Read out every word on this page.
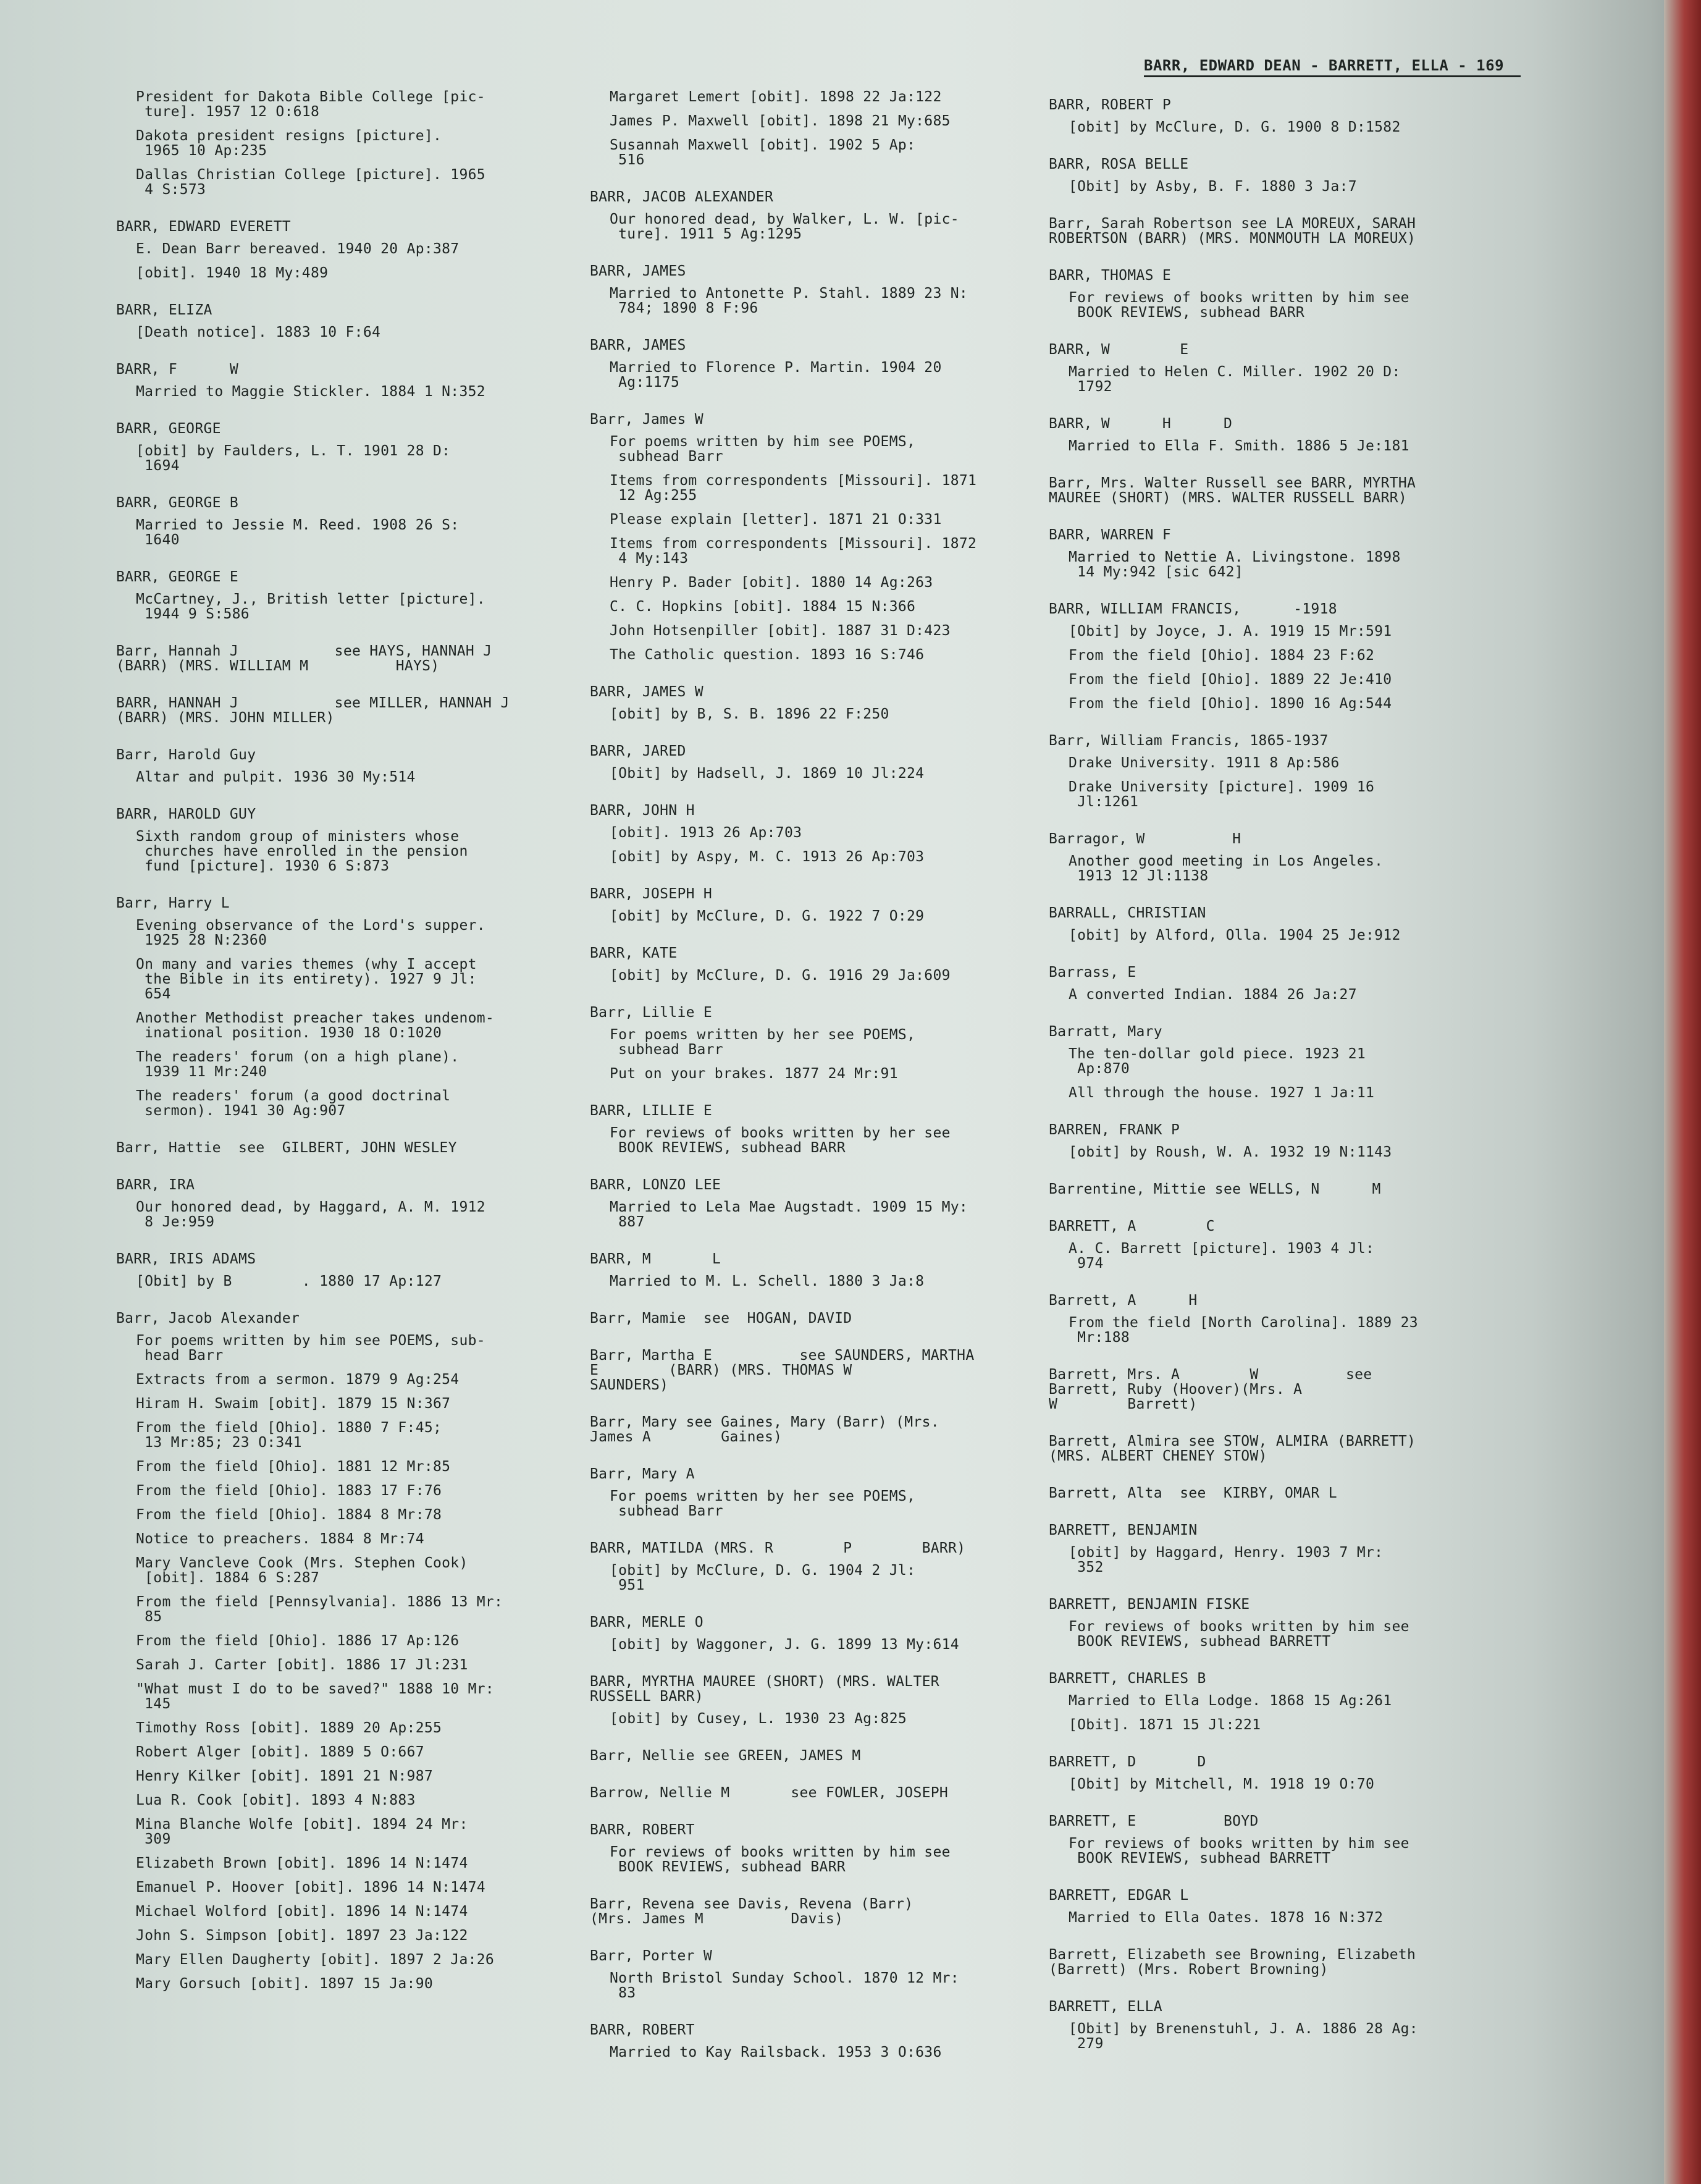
BARR, EDWARD DEAN - BARRETT, ELLA - 169
President for Dakota Bible College [pic-
ture]. 1957 12 O:618
Dakota president resigns [picture].
1965 10 Ap:235
Dallas Christian College [picture]. 1965
4 S:573
BARR, EDWARD EVERETT
E. Dean Barr bereaved. 1940 20 Ap:387
[obit]. 1940 18 My:489
BARR, ELIZA
[Death notice]. 1883 10 F:64
BARR, F      W
Married to Maggie Stickler. 1884 1 N:352
BARR, GEORGE
[obit] by Faulders, L. T. 1901 28 D:
1694
BARR, GEORGE B
Married to Jessie M. Reed. 1908 26 S:
1640
BARR, GEORGE E
McCartney, J., British letter [picture].
1944 9 S:586
Barr, Hannah J           see HAYS, HANNAH J
(BARR) (MRS. WILLIAM M          HAYS)
BARR, HANNAH J           see MILLER, HANNAH J
(BARR) (MRS. JOHN MILLER)
Barr, Harold Guy
Altar and pulpit. 1936 30 My:514
BARR, HAROLD GUY
Sixth random group of ministers whose
churches have enrolled in the pension
fund [picture]. 1930 6 S:873
Barr, Harry L
Evening observance of the Lord's supper.
1925 28 N:2360
On many and varies themes (why I accept
the Bible in its entirety). 1927 9 Jl:
654
Another Methodist preacher takes undenom-
inational position. 1930 18 O:1020
The readers' forum (on a high plane).
1939 11 Mr:240
The readers' forum (a good doctrinal
sermon). 1941 30 Ag:907
Barr, Hattie  see  GILBERT, JOHN WESLEY
BARR, IRA
Our honored dead, by Haggard, A. M. 1912
8 Je:959
BARR, IRIS ADAMS
[Obit] by B        . 1880 17 Ap:127
Barr, Jacob Alexander
For poems written by him see POEMS, sub-
head Barr
Extracts from a sermon. 1879 9 Ag:254
Hiram H. Swaim [obit]. 1879 15 N:367
From the field [Ohio]. 1880 7 F:45;
13 Mr:85; 23 O:341
From the field [Ohio]. 1881 12 Mr:85
From the field [Ohio]. 1883 17 F:76
From the field [Ohio]. 1884 8 Mr:78
Notice to preachers. 1884 8 Mr:74
Mary Vancleve Cook (Mrs. Stephen Cook)
[obit]. 1884 6 S:287
From the field [Pennsylvania]. 1886 13 Mr:
85
From the field [Ohio]. 1886 17 Ap:126
Sarah J. Carter [obit]. 1886 17 Jl:231
"What must I do to be saved?" 1888 10 Mr:
145
Timothy Ross [obit]. 1889 20 Ap:255
Robert Alger [obit]. 1889 5 O:667
Henry Kilker [obit]. 1891 21 N:987
Lua R. Cook [obit]. 1893 4 N:883
Mina Blanche Wolfe [obit]. 1894 24 Mr:
309
Elizabeth Brown [obit]. 1896 14 N:1474
Emanuel P. Hoover [obit]. 1896 14 N:1474
Michael Wolford [obit]. 1896 14 N:1474
John S. Simpson [obit]. 1897 23 Ja:122
Mary Ellen Daugherty [obit]. 1897 2 Ja:26
Mary Gorsuch [obit]. 1897 15 Ja:90
Margaret Lemert [obit]. 1898 22 Ja:122
James P. Maxwell [obit]. 1898 21 My:685
Susannah Maxwell [obit]. 1902 5 Ap:
516
BARR, JACOB ALEXANDER
Our honored dead, by Walker, L. W. [pic-
ture]. 1911 5 Ag:1295
BARR, JAMES
Married to Antonette P. Stahl. 1889 23 N:
784; 1890 8 F:96
BARR, JAMES
Married to Florence P. Martin. 1904 20
Ag:1175
Barr, James W
For poems written by him see POEMS,
subhead Barr
Items from correspondents [Missouri]. 1871
12 Ag:255
Please explain [letter]. 1871 21 O:331
Items from correspondents [Missouri]. 1872
4 My:143
Henry P. Bader [obit]. 1880 14 Ag:263
C. C. Hopkins [obit]. 1884 15 N:366
John Hotsenpiller [obit]. 1887 31 D:423
The Catholic question. 1893 16 S:746
BARR, JAMES W
[obit] by B, S. B. 1896 22 F:250
BARR, JARED
[Obit] by Hadsell, J. 1869 10 Jl:224
BARR, JOHN H
[obit]. 1913 26 Ap:703
[obit] by Aspy, M. C. 1913 26 Ap:703
BARR, JOSEPH H
[obit] by McClure, D. G. 1922 7 O:29
BARR, KATE
[obit] by McClure, D. G. 1916 29 Ja:609
Barr, Lillie E
For poems written by her see POEMS,
subhead Barr
Put on your brakes. 1877 24 Mr:91
BARR, LILLIE E
For reviews of books written by her see
BOOK REVIEWS, subhead BARR
BARR, LONZO LEE
Married to Lela Mae Augstadt. 1909 15 My:
887
BARR, M       L
Married to M. L. Schell. 1880 3 Ja:8
Barr, Mamie  see  HOGAN, DAVID
Barr, Martha E          see SAUNDERS, MARTHA
E        (BARR) (MRS. THOMAS W
SAUNDERS)
Barr, Mary see Gaines, Mary (Barr) (Mrs.
James A        Gaines)
Barr, Mary A
For poems written by her see POEMS,
subhead Barr
BARR, MATILDA (MRS. R        P        BARR)
[obit] by McClure, D. G. 1904 2 Jl:
951
BARR, MERLE O
[obit] by Waggoner, J. G. 1899 13 My:614
BARR, MYRTHA MAUREE (SHORT) (MRS. WALTER
RUSSELL BARR)
[obit] by Cusey, L. 1930 23 Ag:825
Barr, Nellie see GREEN, JAMES M
Barrow, Nellie M       see FOWLER, JOSEPH
BARR, ROBERT
For reviews of books written by him see
BOOK REVIEWS, subhead BARR
Barr, Revena see Davis, Revena (Barr)
(Mrs. James M          Davis)
Barr, Porter W
North Bristol Sunday School. 1870 12 Mr:
83
BARR, ROBERT
Married to Kay Railsback. 1953 3 O:636
BARR, ROBERT P
[obit] by McClure, D. G. 1900 8 D:1582
BARR, ROSA BELLE
[Obit] by Asby, B. F. 1880 3 Ja:7
Barr, Sarah Robertson see LA MOREUX, SARAH
ROBERTSON (BARR) (MRS. MONMOUTH LA MOREUX)
BARR, THOMAS E
For reviews of books written by him see
BOOK REVIEWS, subhead BARR
BARR, W        E
Married to Helen C. Miller. 1902 20 D:
1792
BARR, W      H      D
Married to Ella F. Smith. 1886 5 Je:181
Barr, Mrs. Walter Russell see BARR, MYRTHA
MAUREE (SHORT) (MRS. WALTER RUSSELL BARR)
BARR, WARREN F
Married to Nettie A. Livingstone. 1898
14 My:942 [sic 642]
BARR, WILLIAM FRANCIS,      -1918
[Obit] by Joyce, J. A. 1919 15 Mr:591
From the field [Ohio]. 1884 23 F:62
From the field [Ohio]. 1889 22 Je:410
From the field [Ohio]. 1890 16 Ag:544
Barr, William Francis, 1865-1937
Drake University. 1911 8 Ap:586
Drake University [picture]. 1909 16
Jl:1261
Barragor, W          H
Another good meeting in Los Angeles.
1913 12 Jl:1138
BARRALL, CHRISTIAN
[obit] by Alford, Olla. 1904 25 Je:912
Barrass, E
A converted Indian. 1884 26 Ja:27
Barratt, Mary
The ten-dollar gold piece. 1923 21
Ap:870
All through the house. 1927 1 Ja:11
BARREN, FRANK P
[obit] by Roush, W. A. 1932 19 N:1143
Barrentine, Mittie see WELLS, N      M
BARRETT, A        C
A. C. Barrett [picture]. 1903 4 Jl:
974
Barrett, A      H
From the field [North Carolina]. 1889 23
Mr:188
Barrett, Mrs. A        W          see
Barrett, Ruby (Hoover)(Mrs. A
W        Barrett)
Barrett, Almira see STOW, ALMIRA (BARRETT)
(MRS. ALBERT CHENEY STOW)
Barrett, Alta  see  KIRBY, OMAR L
BARRETT, BENJAMIN
[obit] by Haggard, Henry. 1903 7 Mr:
352
BARRETT, BENJAMIN FISKE
For reviews of books written by him see
BOOK REVIEWS, subhead BARRETT
BARRETT, CHARLES B
Married to Ella Lodge. 1868 15 Ag:261
[Obit]. 1871 15 Jl:221
BARRETT, D       D
[Obit] by Mitchell, M. 1918 19 O:70
BARRETT, E          BOYD
For reviews of books written by him see
BOOK REVIEWS, subhead BARRETT
BARRETT, EDGAR L
Married to Ella Oates. 1878 16 N:372
Barrett, Elizabeth see Browning, Elizabeth
(Barrett) (Mrs. Robert Browning)
BARRETT, ELLA
[Obit] by Brenenstuhl, J. A. 1886 28 Ag:
279
